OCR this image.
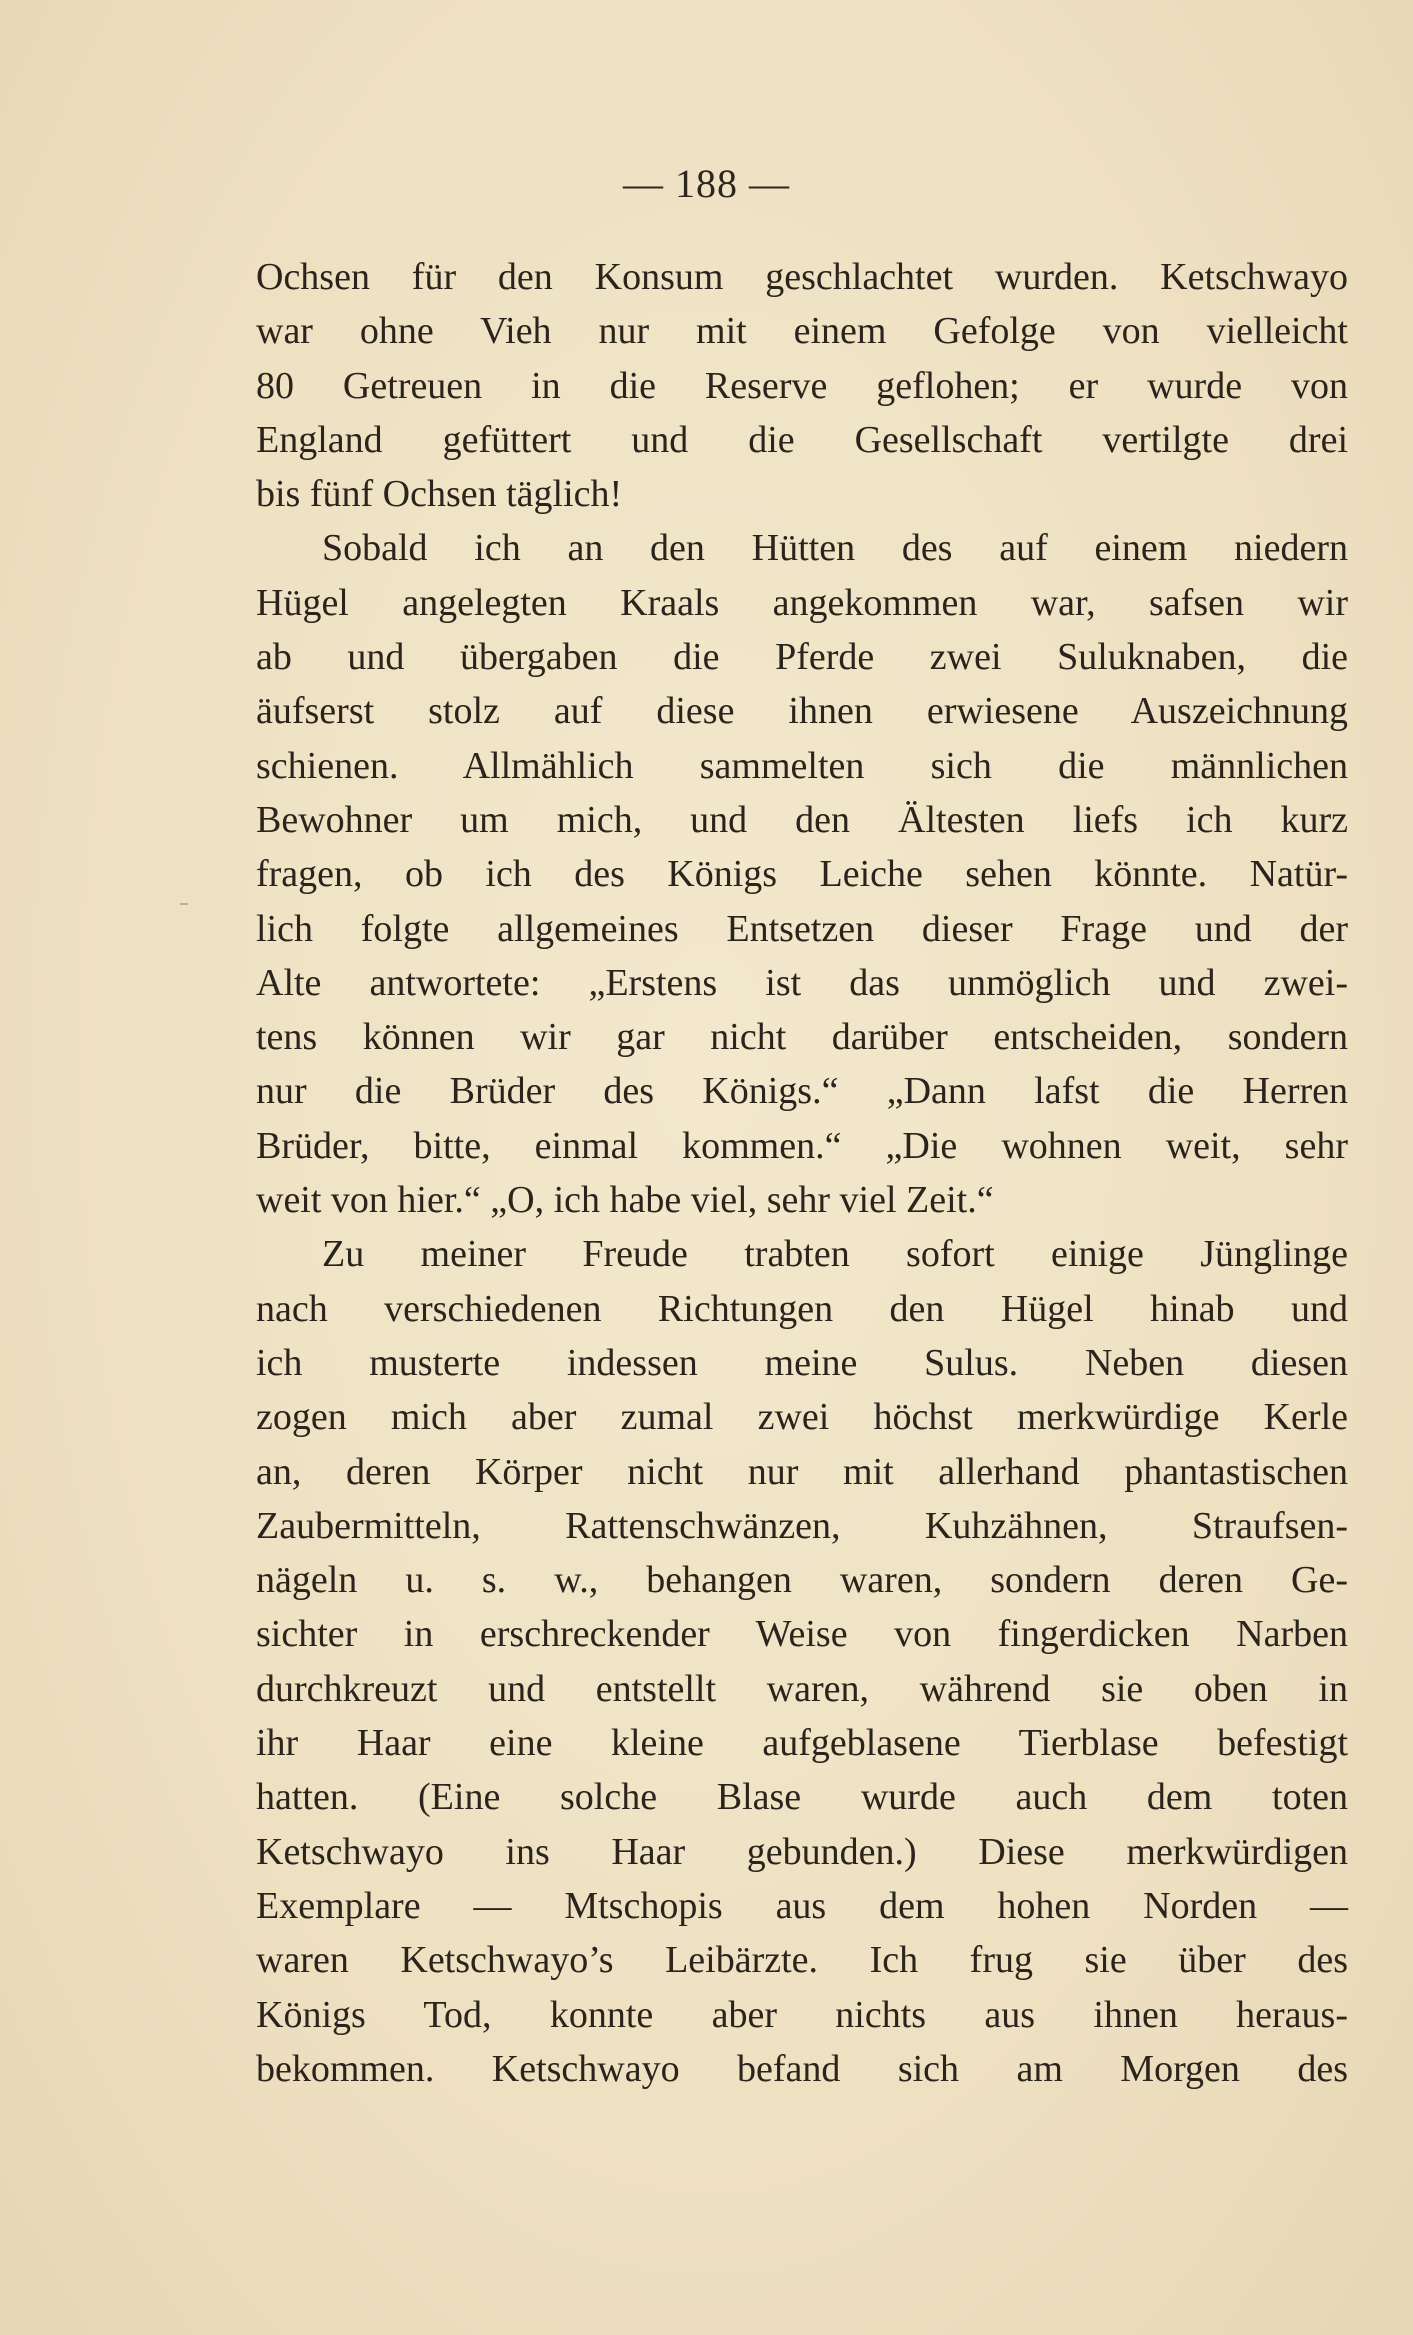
— 188 —
Ochsen für den Konsum geschlachtet wurden. Ketschwayo
war ohne Vieh nur mit einem Gefolge von vielleicht
80 Getreuen in die Reserve geflohen; er wurde von
England gefüttert und die Gesellschaft vertilgte drei
bis fünf Ochsen täglich!
Sobald ich an den Hütten des auf einem niedern
Hügel angelegten Kraals angekommen war, safsen wir
ab und übergaben die Pferde zwei Suluknaben, die
äufserst stolz auf diese ihnen erwiesene Auszeichnung
schienen. Allmählich sammelten sich die männlichen
Bewohner um mich, und den Ältesten liefs ich kurz
fragen, ob ich des Königs Leiche sehen könnte. Natür-
lich folgte allgemeines Entsetzen dieser Frage und der
Alte antwortete: „Erstens ist das unmöglich und zwei-
tens können wir gar nicht darüber entscheiden, sondern
nur die Brüder des Königs.“ „Dann lafst die Herren
Brüder, bitte, einmal kommen.“ „Die wohnen weit, sehr
weit von hier.“ „O, ich habe viel, sehr viel Zeit.“
Zu meiner Freude trabten sofort einige Jünglinge
nach verschiedenen Richtungen den Hügel hinab und
ich musterte indessen meine Sulus. Neben diesen
zogen mich aber zumal zwei höchst merkwürdige Kerle
an, deren Körper nicht nur mit allerhand phantastischen
Zaubermitteln, Rattenschwänzen, Kuhzähnen, Straufsen-
nägeln u. s. w., behangen waren, sondern deren Ge-
sichter in erschreckender Weise von fingerdicken Narben
durchkreuzt und entstellt waren, während sie oben in
ihr Haar eine kleine aufgeblasene Tierblase befestigt
hatten. (Eine solche Blase wurde auch dem toten
Ketschwayo ins Haar gebunden.) Diese merkwürdigen
Exemplare — Mtschopis aus dem hohen Norden —
waren Ketschwayo’s Leibärzte. Ich frug sie über des
Königs Tod, konnte aber nichts aus ihnen heraus-
bekommen. Ketschwayo befand sich am Morgen des
